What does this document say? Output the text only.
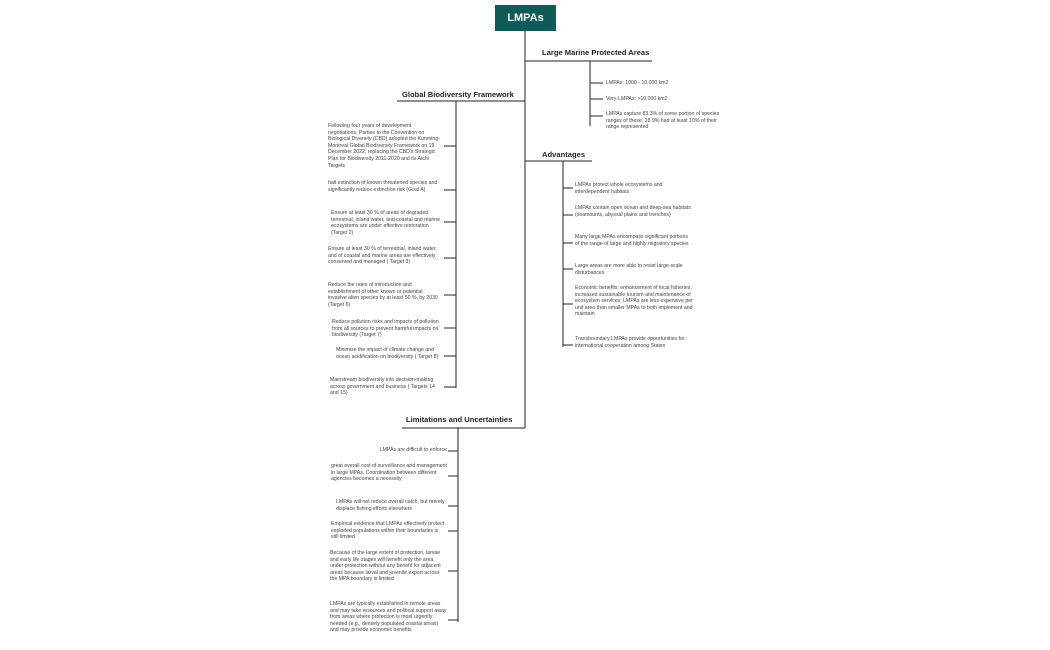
LMPAs
Large Marine Protected Areas
LMPAs: 1000 - 10,000 km2
Very-LMPAs: >10,000 km2
LMPAs capture 83.3% of some portion of species ranges of these, 28.9% had at least 10% of their range represented
Global Biodiversity Framework
Following four years of development negotiations, Parties to the Convention on Biological Diversity (CBD) adopted the Kunming-Montreal Global Biodiversity Framework on 19 December 2022, replacing the CBD's Strategic Plan for Biodiversity 2011-2020 and its Aichi Targets
halt extinction of known threatened species and significantly reduce extinction risk (Goal A)
Ensure at least 30 % of areas of degraded terrestrial, inland water, and coastal and marine ecosystems are under effective restoration (Target 2)
Ensure at least 30 % of terrestrial, inland water, and of coastal and marine areas are effectively conserved and managed ( Target 3)
Reduce the rates of introduction and establishment of other known or potential invasive alien species by at least 50 %, by 2030 (Target 6)
Reduce pollution risks and impacts of pollution from all sources to prevent harmful impacts on biodiversity (Target 7)
Minimise the impact of climate change and ocean acidification on biodiversity ( Target 8)
Mainstream biodiversity into decision-making across government and business ( Targets 14 and 15)
Advantages
LMPAs protect whole ecosystems and interdependent habitats
LMPAs contain open ocean and deep-sea habitats (seamounts, abyssal plains and trenches)
Many large MPAs encompass significant portions of the range of large and highly migratory species
Large areas are more able to resist large-scale disturbances
Economic benefits: enhancement of local fisheries, increased sustainable tourism and maintenance of ecosystem services; LMPAs are less expensive per unit area than smaller MPAs to both implement and maintain
Transboundary LMPAs provide opportunities for international cooperation among States
Limitations and Uncertainties
LMPAs are difficult to enforce
great overall cost of surveillance and management in large MPAs. Coordination between different agencies becomes a necessity
LMPAs will not reduce overall catch, but merely displace fishing efforts elsewhere
Empirical evidence that LMPAs effectively protect exploited populations within their boundaries is still limited
Because of the large extent of protection, larvae and early life stages will benefit only the area under protection without any benefit for adjacent areas because larval and juvenile export across the MPA boundary is limited
LMPAs are typically established in remote areas and may take resources and political support away from areas where protection is most urgently needed (e.g., densely populated coastal areas) and may provide economic benefits
